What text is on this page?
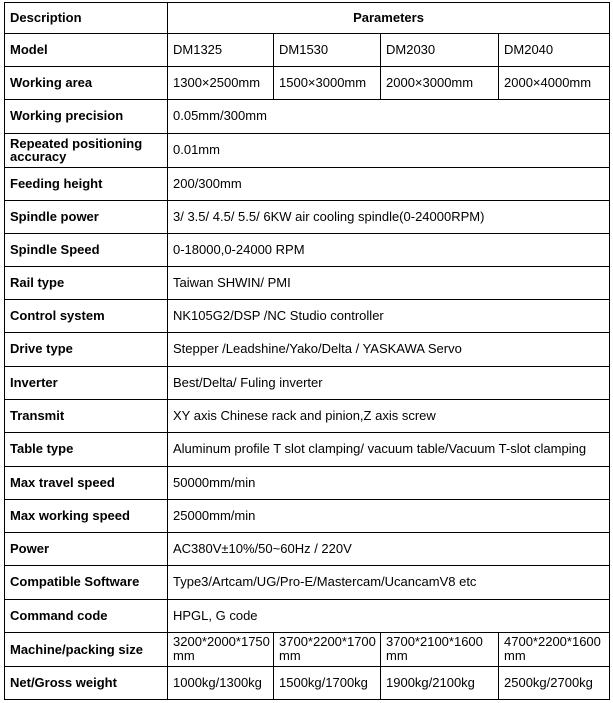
Description	Parameters			
Model	DM1325	DM1530	DM2030	DM2040
Working area	1300×2500mm	1500×3000mm	2000×3000mm	2000×4000mm
Working precision	0.05mm/300mm			
Repeated positioning accuracy	0.01mm			
Feeding height	200/300mm			
Spindle power	3/ 3.5/ 4.5/ 5.5/ 6KW air cooling spindle(0-24000RPM)			
Spindle Speed	0-18000,0-24000 RPM			
Rail type	Taiwan SHWIN/ PMI			
Control system	NK105G2/DSP /NC Studio controller			
Drive type	Stepper /Leadshine/Yako/Delta / YASKAWA Servo			
Inverter	Best/Delta/ Fuling inverter			
Transmit	XY axis Chinese rack and pinion,Z axis screw			
Table type	Aluminum profile T slot clamping/ vacuum table/Vacuum T-slot clamping			
Max travel speed	50000mm/min			
Max working speed	25000mm/min			
Power	AC380V±10%/50~60Hz / 220V			
Compatible Software	Type3/Artcam/UG/Pro-E/Mastercam/UcancamV8 etc			
Command code	HPGL, G code			
Machine/packing size	3200*2000*1750 mm	3700*2200*1700 mm	3700*2100*1600 mm	4700*2200*1600 mm
Net/Gross weight	1000kg/1300kg	1500kg/1700kg	1900kg/2100kg	2500kg/2700kg
